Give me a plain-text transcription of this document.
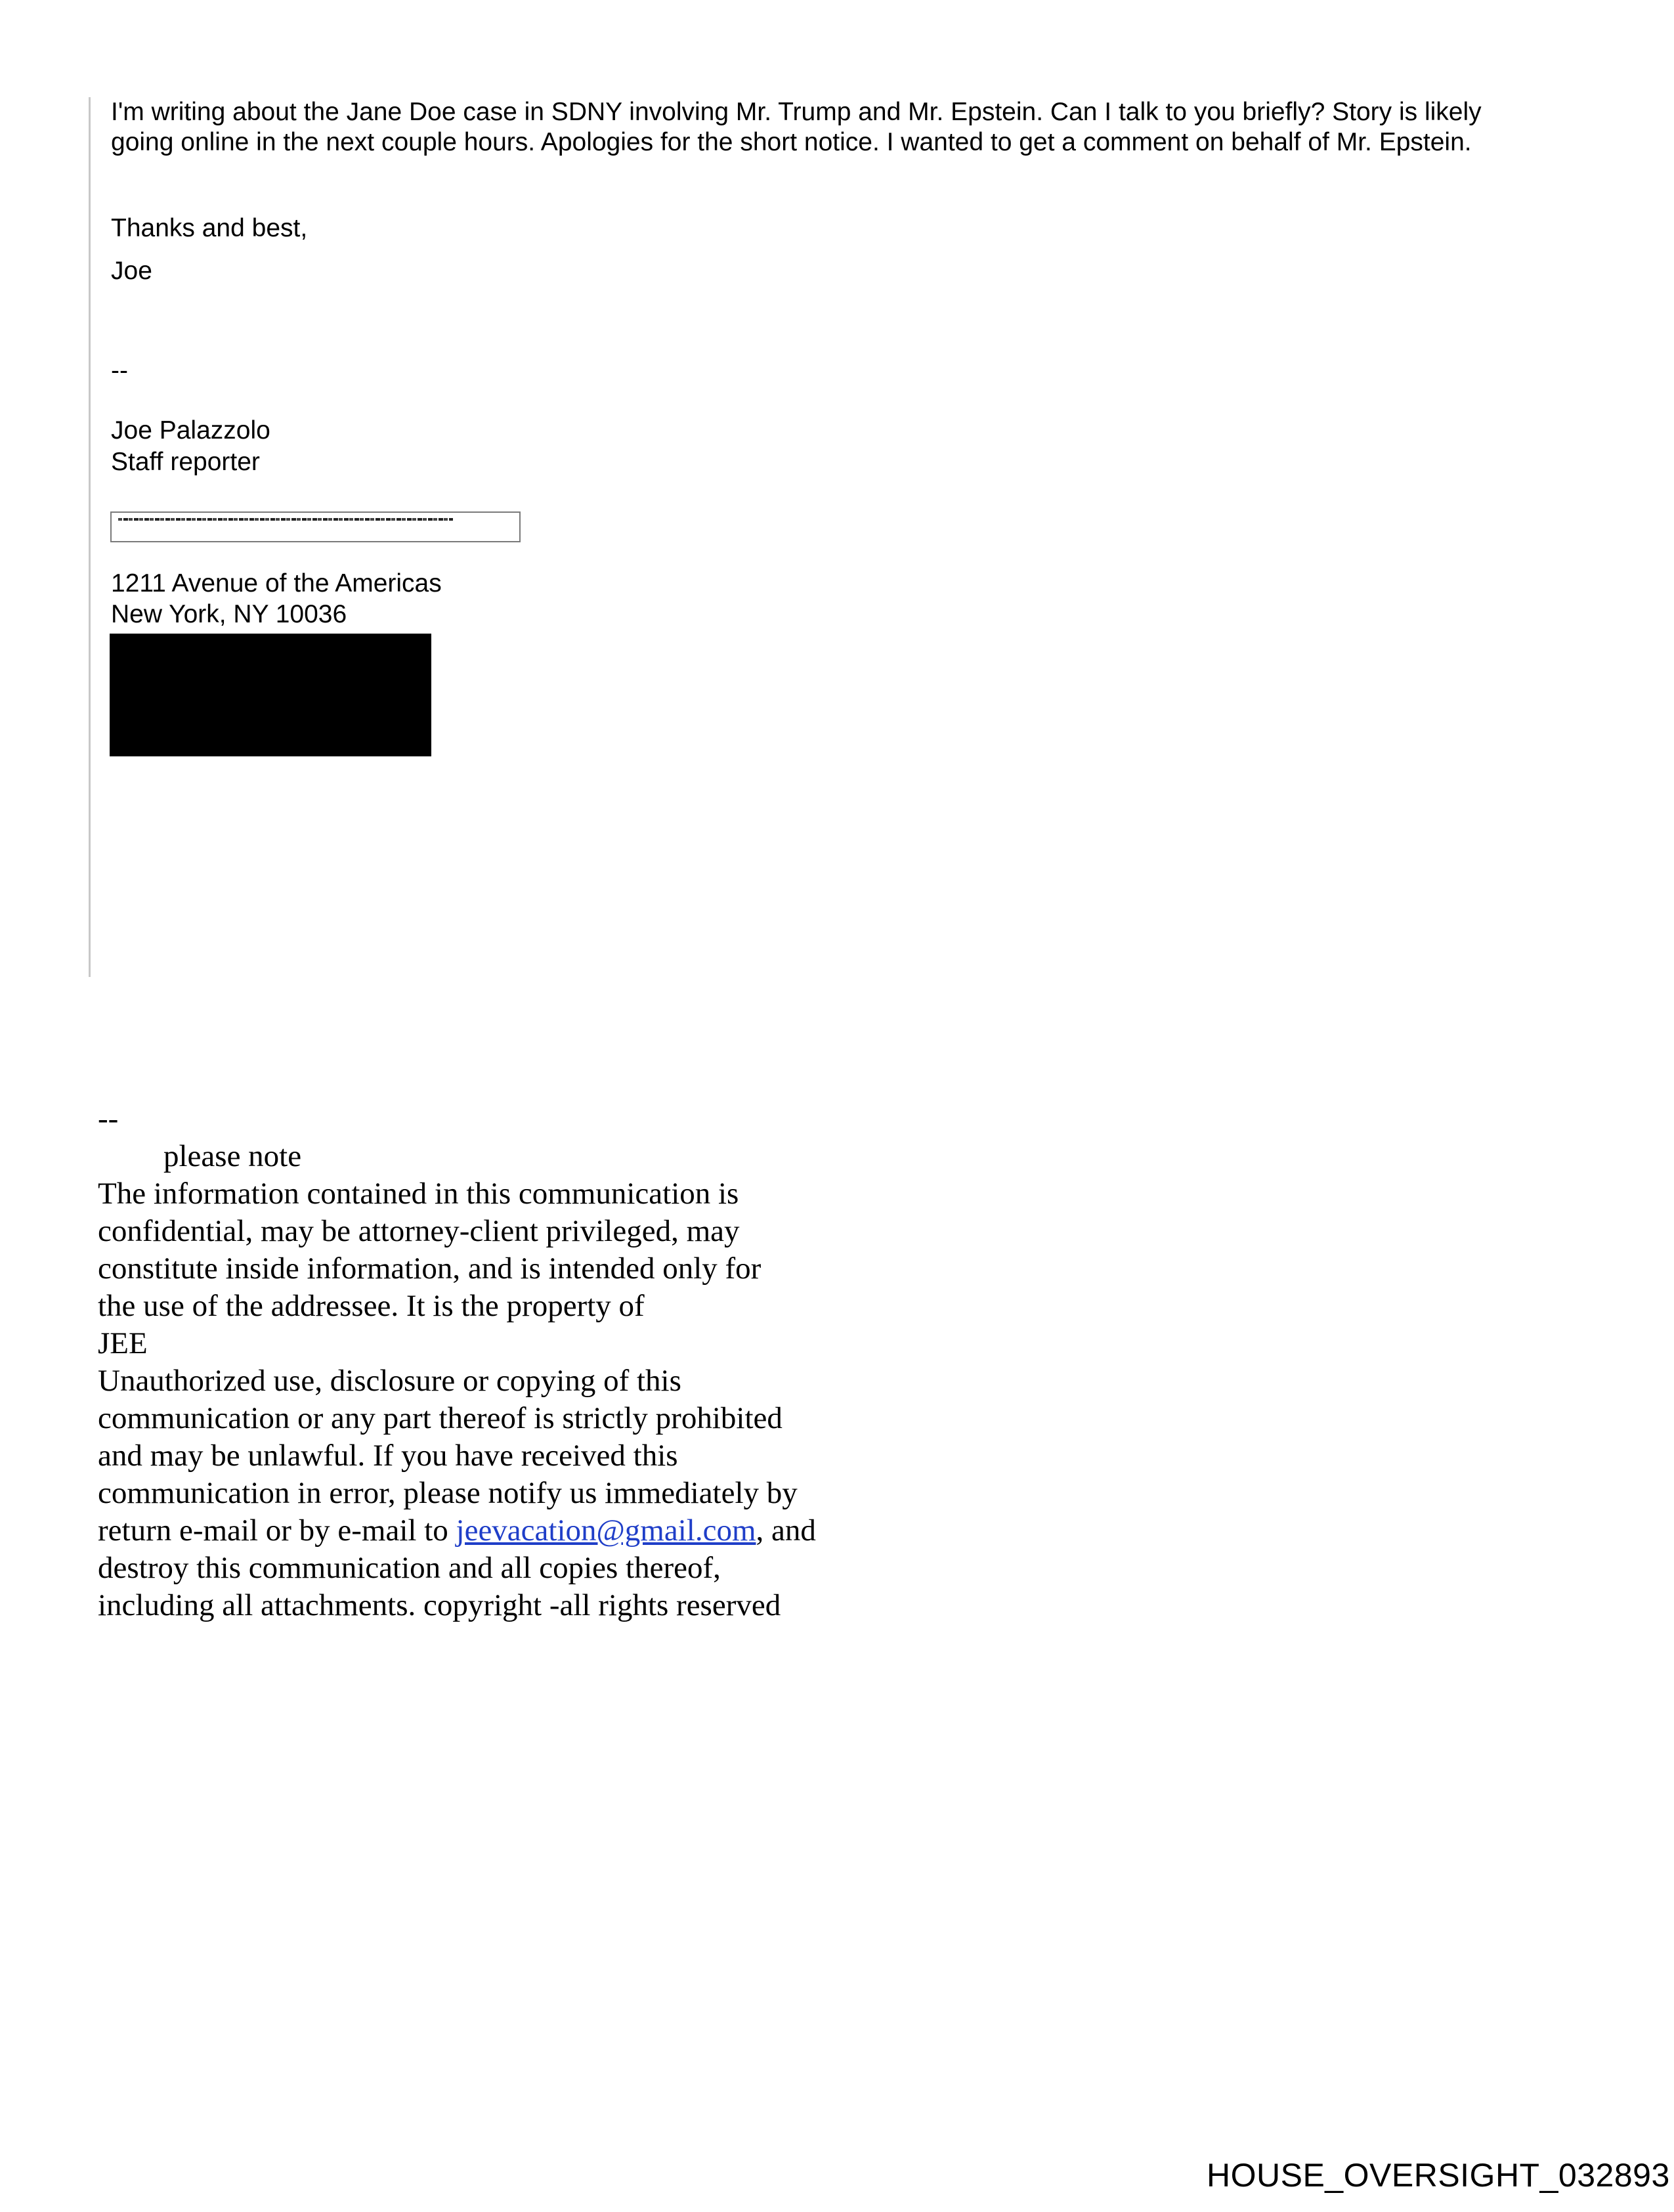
I'm writing about the Jane Doe case in SDNY involving Mr. Trump and Mr. Epstein. Can I talk to you briefly? Story is likely

going online in the next couple hours. Apologies for the short notice. I wanted to get a comment on behalf of Mr. Epstein.

Thanks and best,

Joe

--

Joe Palazzolo

Staff reporter

1211 Avenue of the Americas

New York, NY 10036

--

please note

The information contained in this communication is

confidential, may be attorney-client privileged, may

constitute inside information, and is intended only for

the use of the addressee. It is the property of

JEE

Unauthorized use, disclosure or copying of this

communication or any part thereof is strictly prohibited

and may be unlawful. If you have received this

communication in error, please notify us immediately by

return e-mail or by e-mail to jeevacation@gmail.com, and

destroy this communication and all copies thereof,

including all attachments. copyright -all rights reserved

HOUSE_OVERSIGHT_032893
